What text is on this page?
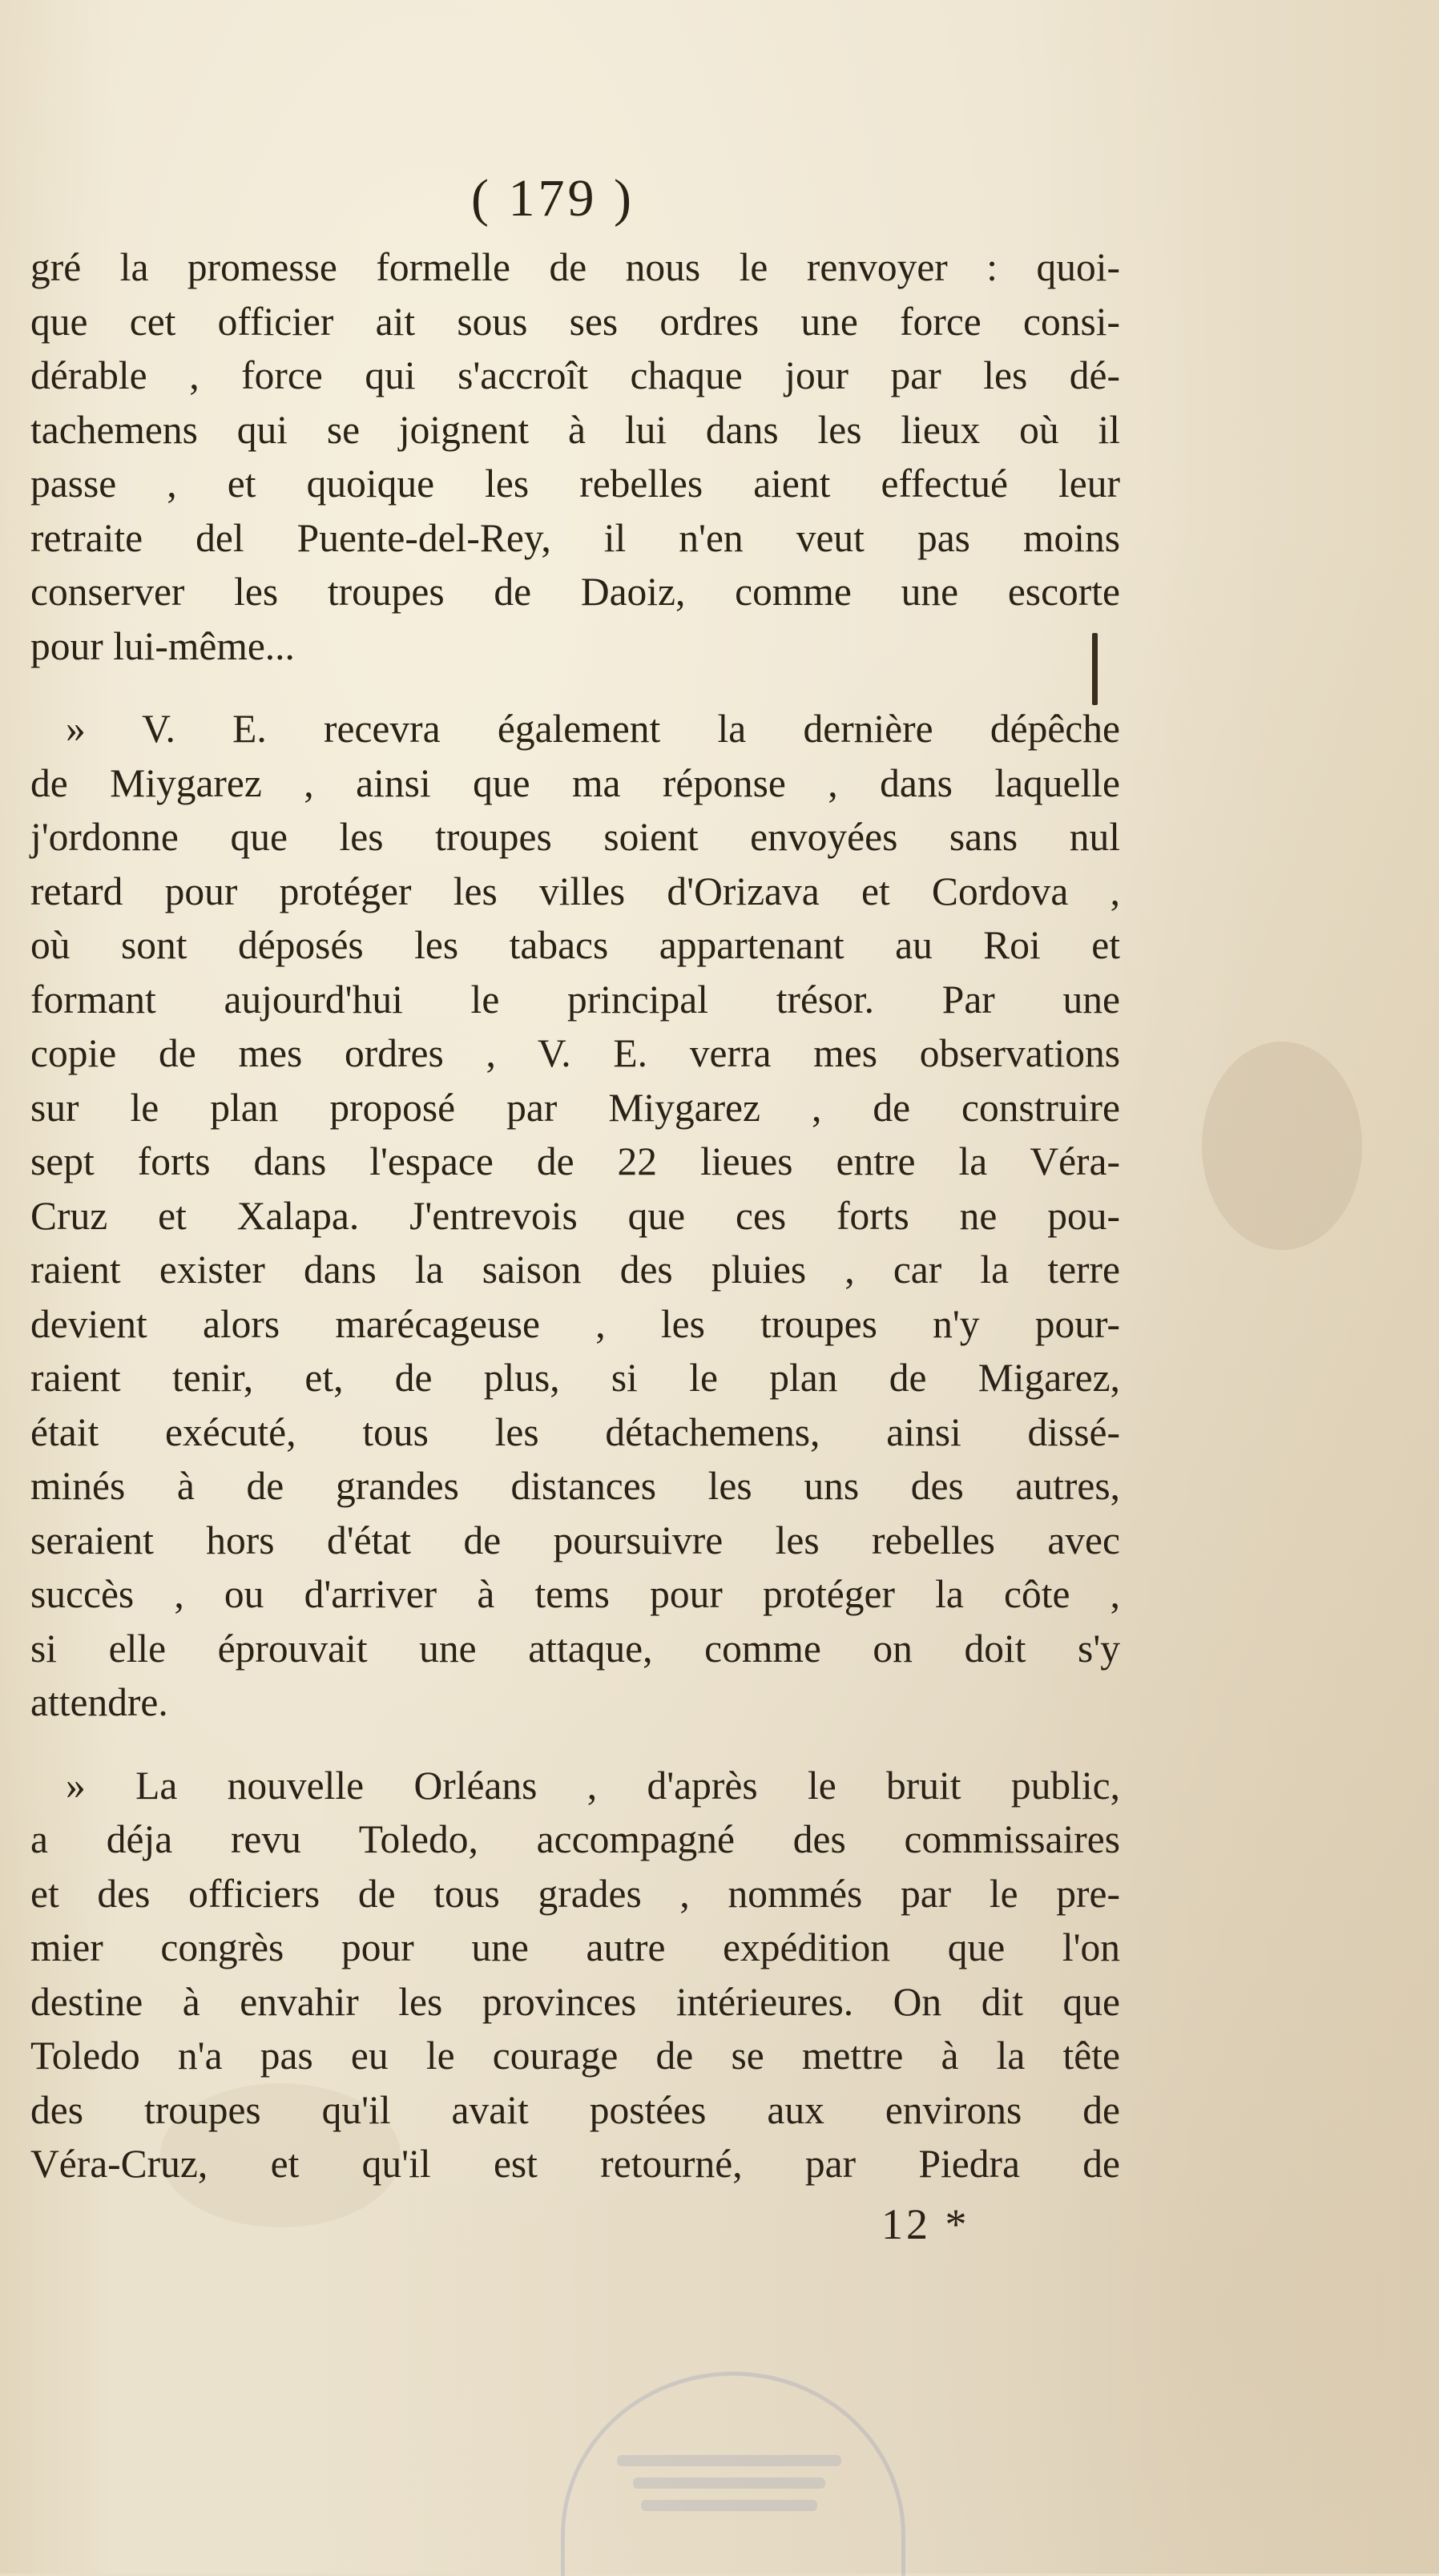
( 179 )
gré la promesse formelle de nous le renvoyer : quoi-
que cet officier ait sous ses ordres une force consi-
dérable , force qui s'accroît chaque jour par les dé-
tachemens qui se joignent à lui dans les lieux où il
passe , et quoique les rebelles aient effectué leur
retraite del Puente-del-Rey, il n'en veut pas moins
conserver les troupes de Daoiz, comme une escorte
pour lui-même...
» V. E. recevra également la dernière dépêche
de Miygarez , ainsi que ma réponse , dans laquelle
j'ordonne que les troupes soient envoyées sans nul
retard pour protéger les villes d'Orizava et Cordova ,
où sont déposés les tabacs appartenant au Roi et
formant aujourd'hui le principal trésor. Par une
copie de mes ordres , V. E. verra mes observations
sur le plan proposé par Miygarez , de construire
sept forts dans l'espace de 22 lieues entre la Véra-
Cruz et Xalapa. J'entrevois que ces forts ne pou-
raient exister dans la saison des pluies , car la terre
devient alors marécageuse , les troupes n'y pour-
raient tenir, et, de plus, si le plan de Migarez,
était exécuté, tous les détachemens, ainsi dissé-
minés à de grandes distances les uns des autres,
seraient hors d'état de poursuivre les rebelles avec
succès , ou d'arriver à tems pour protéger la côte ,
si elle éprouvait une attaque, comme on doit s'y
attendre.
» La nouvelle Orléans , d'après le bruit public,
a déja revu Toledo, accompagné des commissaires
et des officiers de tous grades , nommés par le pre-
mier congrès pour une autre expédition que l'on
destine à envahir les provinces intérieures. On dit que
Toledo n'a pas eu le courage de se mettre à la tête
des troupes qu'il avait postées aux environs de
Véra-Cruz, et qu'il est retourné, par Piedra de
12 *
